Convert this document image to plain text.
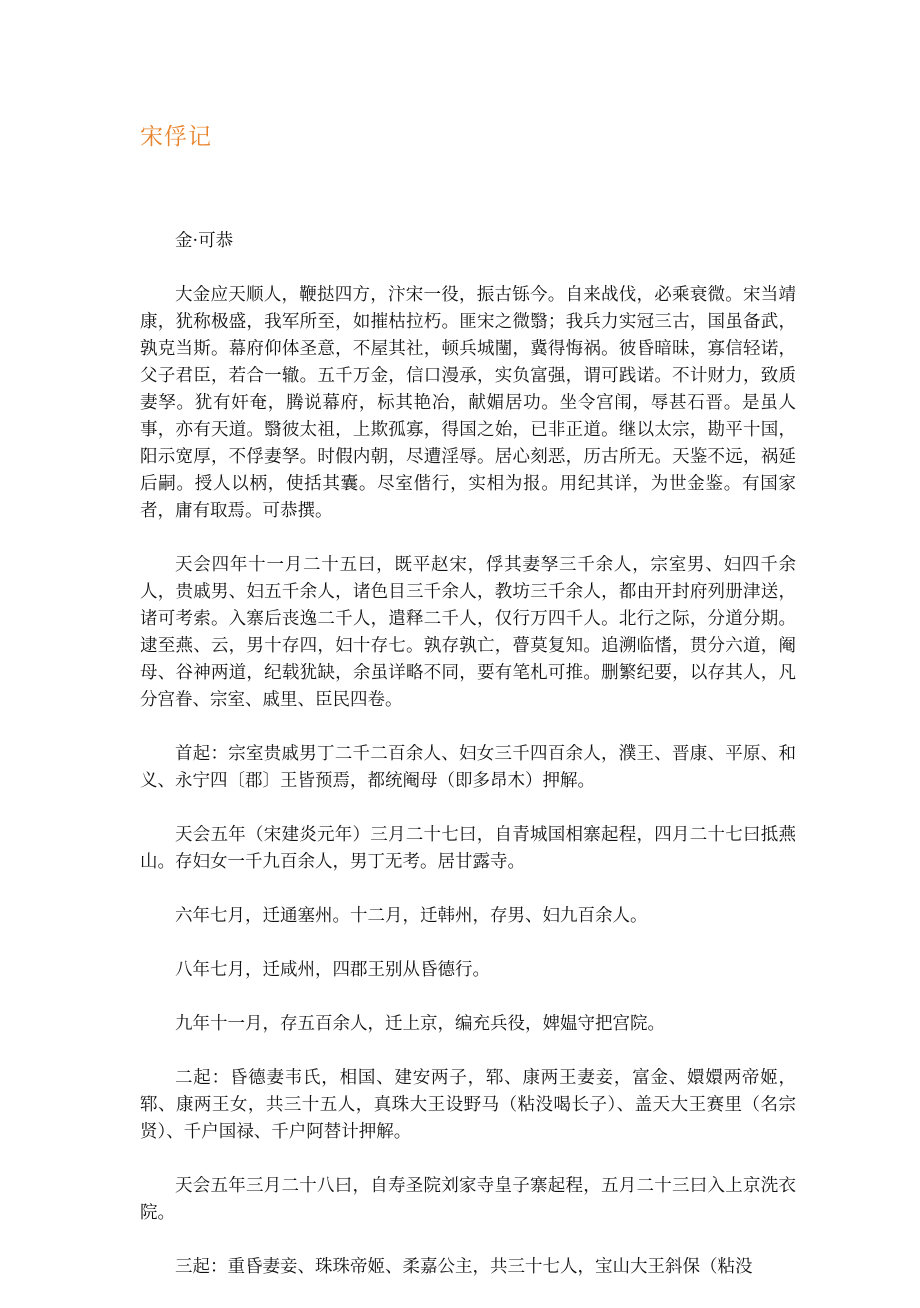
宋俘记

金·可恭

大金应天顺人，鞭挞四方，汴宋一役，振古铄今。自来战伐，必乘衰微。宋当靖康，犹称极盛，我军所至，如摧枯拉朽。匪宋之微翳；我兵力实冠三古，国虽备武，孰克当斯。幕府仰体圣意，不屋其社，顿兵城闉，冀得悔祸。彼昏暗昧，寡信轻诺，父子君臣，若合一辙。五千万金，信口漫承，实负富强，谓可践诺。不计财力，致质妻孥。犹有奸奄，腾说幕府，标其艳冶，献媚居功。坐令宫闱，辱甚石晋。是虽人事，亦有天道。翳彼太祖，上欺孤寡，得国之始，已非正道。继以太宗，勘平十国，阳示宽厚，不俘妻孥。时假内朝，尽遭淫辱。居心刻恶，历古所无。天鉴不远，祸延后嗣。授人以柄，使括其囊。尽室偕行，实相为报。用纪其详，为世金鉴。有国家者，庸有取焉。可恭撰。

天会四年十一月二十五曰，既平赵宋，俘其妻孥三千余人，宗室男、妇四千余人，贵戚男、妇五千余人，诸色目三千余人，教坊三千余人，都由开封府列册津送，诸可考索。入寨后丧逸二千人，遣释二千人，仅行万四千人。北行之际，分道分期。逮至燕、云，男十存四，妇十存七。孰存孰亡，瞢莫复知。追溯临愭，贯分六道，阉母、谷神两道，纪载犹缺，余虽详略不同，要有笔札可推。删繁纪要，以存其人，凡分宫眷、宗室、戚里、臣民四卷。

首起：宗室贵戚男丁二千二百余人、妇女三千四百余人，濮王、晋康、平原、和义、永宁四〔郡〕王皆预焉，都统阉母（即多昂木）押解。

天会五年（宋建炎元年）三月二十七曰，自青城国相寨起程，四月二十七曰抵燕山。存妇女一千九百余人，男丁无考。居甘露寺。

六年七月，迁通塞州。十二月，迁韩州，存男、妇九百余人。

八年七月，迁咸州，四郡王别从昏德行。

九年十一月，存五百余人，迁上京，编充兵役，婢媪守把宫院。

二起：昏德妻韦氏，相国、建安两子，郓、康两王妻妾，富金、嬛嬛两帝姬，郓、康两王女，共三十五人，真珠大王设野马（粘没喝长子）、盖天大王赛里（名宗贤）、千户国禄、千户阿替计押解。

天会五年三月二十八曰，自寿圣院刘家寺皇子寨起程，五月二十三曰入上京洗衣院。

三起：重昏妻妾、珠珠帝姬、柔嘉公主，共三十七人，宝山大王斜保（粘没
